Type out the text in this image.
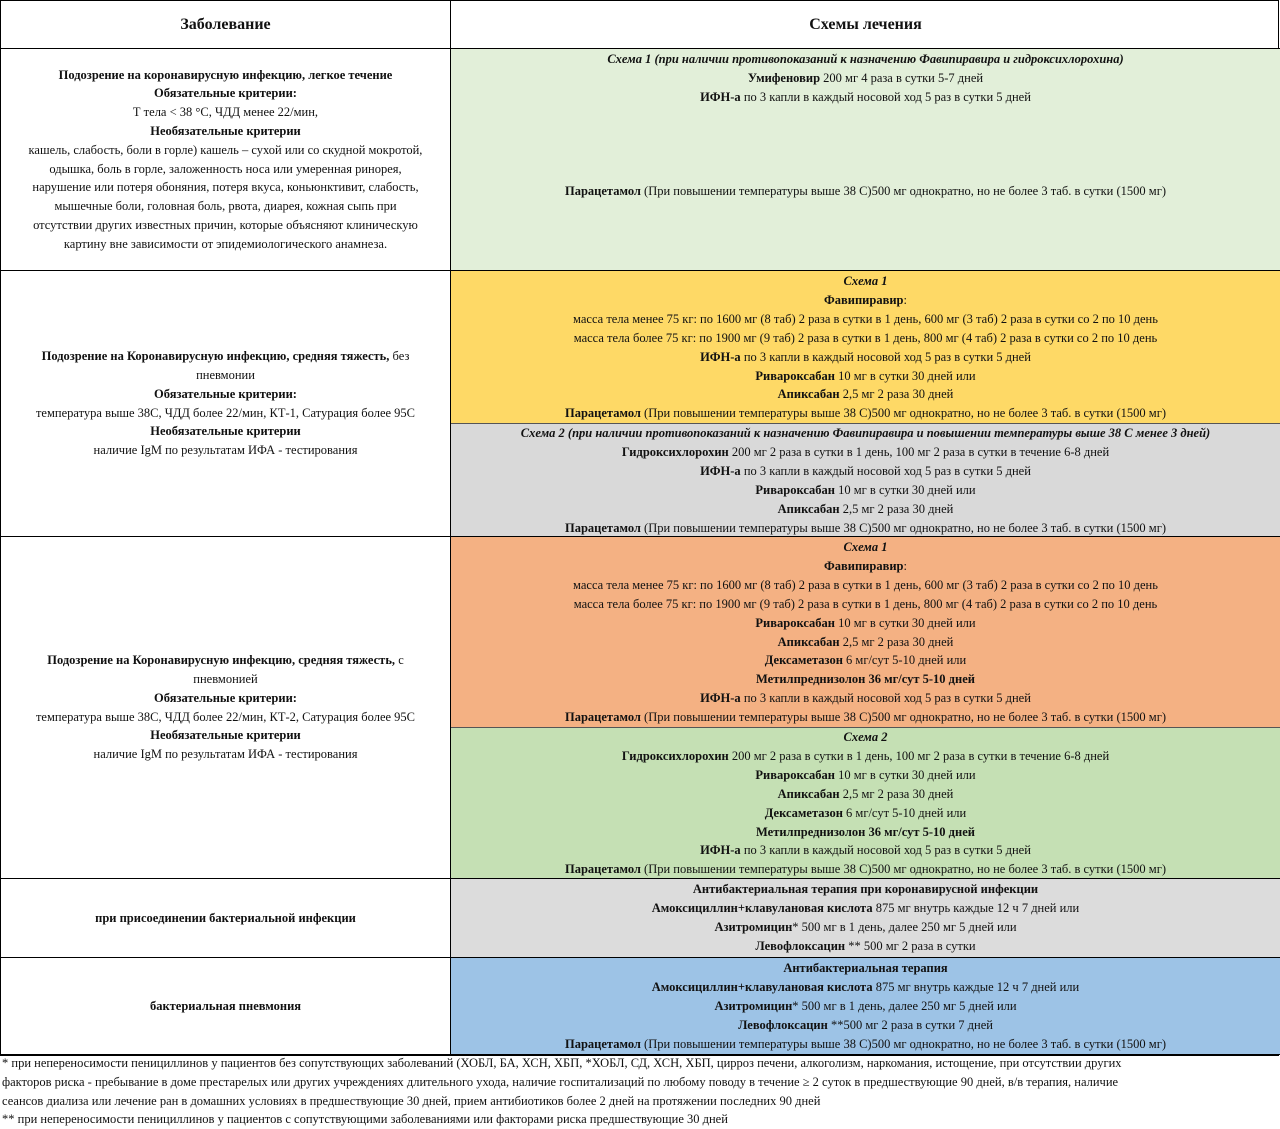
Заболевание	Схемы лечения
Подозрение на коронавирусную инфекцию, легкое течение
Обязательные критерии:
Т тела < 38 °С, ЧДД менее 22/мин,
Необязательные критерии
кашель, слабость, боли в горле) кашель – сухой или со скудной мокротой,
одышка, боль в горле, заложенность носа или умеренная ринорея,
нарушение или потеря обоняния, потеря вкуса, коньюнктивит, слабость,
мышечные боли, головная боль, рвота, диарея, кожная сыпь при
отсутствии других известных причин, которые объясняют клиническую
картину вне зависимости от эпидемиологического анамнеза.
Схема 1 (при наличии противопоказаний к назначению Фавипиравира и гидроксихлорохина)
Умифеновир 200 мг 4 раза в сутки 5-7 дней
ИФН-а по 3 капли в каждый носовой ход 5 раз в сутки 5 дней
Парацетамол (При повышении температуры выше 38 С)500 мг однократно, но не более 3 таб. в сутки (1500 мг)
Подозрение на Коронавирусную инфекцию, средняя тяжесть, без
пневмонии
Обязательные критерии:
температура выше 38С, ЧДД более 22/мин, КТ-1, Сатурация более 95С
Необязательные критерии
наличие IgM по результатам ИФА - тестирования
Схема 1
Фавипиравир:
масса тела менее 75 кг: по 1600 мг (8 таб) 2 раза в сутки в 1 день, 600 мг (3 таб) 2 раза в сутки со 2 по 10 день
масса тела более 75 кг: по 1900 мг (9 таб) 2 раза в сутки в 1 день, 800 мг (4 таб) 2 раза в сутки со 2 по 10 день
ИФН-а по 3 капли в каждый носовой ход 5 раз в сутки 5 дней
Ривароксабан 10 мг в сутки 30 дней или
Апиксабан 2,5 мг 2 раза 30 дней
Парацетамол (При повышении температуры выше 38 С)500 мг однократно, но не более 3 таб. в сутки (1500 мг)
Схема 2 (при наличии противопоказаний к назначению Фавипиравира и повышении температуры выше 38 С менее 3 дней)
Гидроксихлорохин 200 мг 2 раза в сутки в 1 день, 100 мг 2 раза в сутки в течение 6-8 дней
ИФН-а по 3 капли в каждый носовой ход 5 раз в сутки 5 дней
Ривароксабан 10 мг в сутки 30 дней или
Апиксабан 2,5 мг 2 раза 30 дней
Парацетамол (При повышении температуры выше 38 С)500 мг однократно, но не более 3 таб. в сутки (1500 мг)
Подозрение на Коронавирусную инфекцию, средняя тяжесть, с
пневмонией
Обязательные критерии:
температура выше 38С, ЧДД более 22/мин, КТ-2, Сатурация более 95С
Необязательные критерии
наличие IgM по результатам ИФА - тестирования
Схема 1
Фавипиравир:
масса тела менее 75 кг: по 1600 мг (8 таб) 2 раза в сутки в 1 день, 600 мг (3 таб) 2 раза в сутки со 2 по 10 день
масса тела более 75 кг: по 1900 мг (9 таб) 2 раза в сутки в 1 день, 800 мг (4 таб) 2 раза в сутки со 2 по 10 день
Ривароксабан 10 мг в сутки 30 дней или
Апиксабан 2,5 мг 2 раза 30 дней
Дексаметазон 6 мг/сут 5-10 дней или
Метилпреднизолон 36 мг/сут 5-10 дней
ИФН-а по 3 капли в каждый носовой ход 5 раз в сутки 5 дней
Парацетамол (При повышении температуры выше 38 С)500 мг однократно, но не более 3 таб. в сутки (1500 мг)
Схема 2
Гидроксихлорохин 200 мг 2 раза в сутки в 1 день, 100 мг 2 раза в сутки в течение 6-8 дней
Ривароксабан 10 мг в сутки 30 дней или
Апиксабан 2,5 мг 2 раза 30 дней
Дексаметазон 6 мг/сут 5-10 дней или
Метилпреднизолон 36 мг/сут 5-10 дней
ИФН-а по 3 капли в каждый носовой ход 5 раз в сутки 5 дней
Парацетамол (При повышении температуры выше 38 С)500 мг однократно, но не более 3 таб. в сутки (1500 мг)
при присоединении бактериальной инфекции
Антибактериальная терапия при коронавирусной инфекции
Амоксициллин+клавулановая кислота 875 мг внутрь каждые 12 ч 7 дней или
Азитромицин* 500 мг в 1 день, далее 250 мг 5 дней или
Левофлоксацин ** 500 мг 2 раза в сутки
бактериальная пневмония
Антибактериальная терапия
Амоксициллин+клавулановая кислота 875 мг внутрь каждые 12 ч 7 дней или
Азитромицин* 500 мг в 1 день, далее 250 мг 5 дней или
Левофлоксацин **500 мг 2 раза в сутки 7 дней
Парацетамол (При повышении температуры выше 38 С)500 мг однократно, но не более 3 таб. в сутки (1500 мг)

* при непереносимости пенициллинов у пациентов без сопутствующих заболеваний (ХОБЛ, БА, ХСН, ХБП, *ХОБЛ, СД, ХСН, ХБП, цирроз печени, алкоголизм, наркомания, истощение, при отсутствии других

факторов риска - пребывание в доме престарелых или других учреждениях длительного ухода, наличие госпитализаций по любому поводу в течение ≥ 2 суток в предшествующие 90 дней, в/в терапия, наличие

сеансов диализа или лечение ран в домашних условиях в предшествующие 30 дней, прием антибиотиков более 2 дней на протяжении последних 90 дней

** при непереносимости пенициллинов у пациентов с сопутствующими заболеваниями или факторами риска предшествующие 30 дней
